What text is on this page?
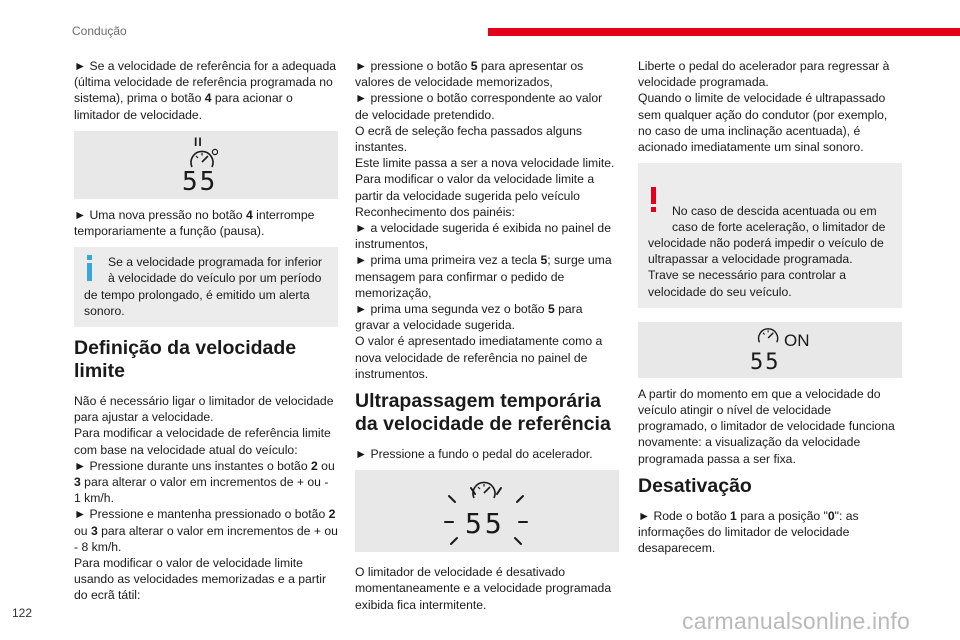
Condução

► Se a velocidade de referência for a adequada (última velocidade de referência programada no sistema), prima o botão 4 para acionar o limitador de velocidade.

II
55

► Uma nova pressão no botão 4 interrompe temporariamente a função (pausa).

Se a velocidade programada for inferior à velocidade do veículo por um período
de tempo prolongado, é emitido um alerta sonoro.
Definição da velocidade limite

Não é necessário ligar o limitador de velocidade para ajustar a velocidade.
Para modificar a velocidade de referência limite com base na velocidade atual do veículo:
► Pressione durante uns instantes o botão 2 ou 3 para alterar o valor em incrementos de + ou - 1 km/h.
► Pressione e mantenha pressionado o botão 2 ou 3 para alterar o valor em incrementos de + ou - 8 km/h.
Para modificar o valor de velocidade limite usando as velocidades memorizadas e a partir do ecrã tátil:

► pressione o botão 5 para apresentar os valores de velocidade memorizados,
► pressione o botão correspondente ao valor de velocidade pretendido.
O ecrã de seleção fecha passados alguns instantes.
Este limite passa a ser a nova velocidade limite.
Para modificar o valor da velocidade limite a partir da velocidade sugerida pelo veículo Reconhecimento dos painéis:
► a velocidade sugerida é exibida no painel de instrumentos,
► prima uma primeira vez a tecla 5; surge uma mensagem para confirmar o pedido de memorização,
► prima uma segunda vez o botão 5 para gravar a velocidade sugerida.
O valor é apresentado imediatamente como a nova velocidade de referência no painel de instrumentos.

Ultrapassagem temporária da velocidade de referência

► Pressione a fundo o pedal do acelerador.

55

O limitador de velocidade é desativado momentaneamente e a velocidade programada exibida fica intermitente.

Liberte o pedal do acelerador para regressar à velocidade programada.
Quando o limite de velocidade é ultrapassado sem qualquer ação do condutor (por exemplo, no caso de uma inclinação acentuada), é acionado imediatamente um sinal sonoro.

No caso de descida acentuada ou em caso de forte aceleração, o limitador de
velocidade não poderá impedir o veículo de ultrapassar a velocidade programada.
Trave se necessário para controlar a velocidade do seu veículo.

ON
55

A partir do momento em que a velocidade do veículo atingir o nível de velocidade programado, o limitador de velocidade funciona novamente: a visualização da velocidade programada passa a ser fixa.

Desativação

► Rode o botão 1 para a posição "0": as informações do limitador de velocidade desaparecem.

122	carmanualsonline.info
